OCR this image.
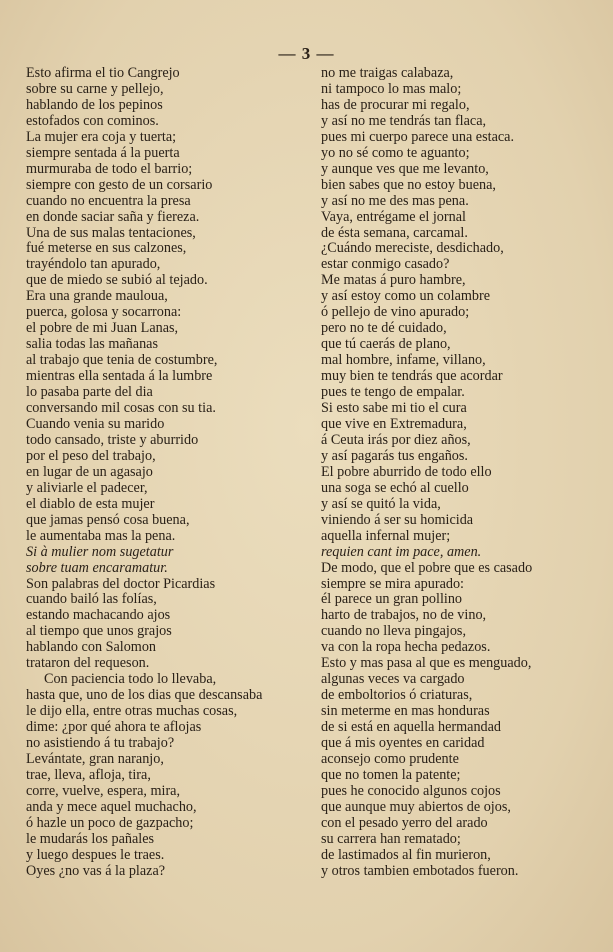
— 3 —
Esto afirma el tio Cangrejo
sobre su carne y pellejo,
hablando de los pepinos
estofados con cominos.
La mujer era coja y tuerta;
siempre sentada á la puerta
murmuraba de todo el barrio;
siempre con gesto de un corsario
cuando no encuentra la presa
en donde saciar saña y fiereza.
Una de sus malas tentaciones,
fué meterse en sus calzones,
trayéndolo tan apurado,
que de miedo se subió al tejado.
Era una grande mauloua,
puerca, golosa y socarrona:
el pobre de mi Juan Lanas,
salia todas las mañanas
al trabajo que tenia de costumbre,
mientras ella sentada á la lumbre
lo pasaba parte del dia
conversando mil cosas con su tia.
Cuando venia su marido
todo cansado, triste y aburrido
por el peso del trabajo,
en lugar de un agasajo
y aliviarle el padecer,
el diablo de esta mujer
que jamas pensó cosa buena,
le aumentaba mas la pena.
Si à mulier nom sugetatur
sobre tuam encaramatur.
Son palabras del doctor Picardias
cuando bailó las folías,
estando machacando ajos
al tiempo que unos grajos
hablando con Salomon
trataron del requeson.
Con paciencia todo lo llevaba,
hasta que, uno de los dias que descansaba
le dijo ella, entre otras muchas cosas,
dime: ¿por qué ahora te aflojas
no asistiendo á tu trabajo?
Levántate, gran naranjo,
trae, lleva, afloja, tira,
corre, vuelve, espera, mira,
anda y mece aquel muchacho,
ó hazle un poco de gazpacho;
le mudarás los pañales
y luego despues le traes.
Oyes ¿no vas á la plaza?
no me traigas calabaza,
ni tampoco lo mas malo;
has de procurar mi regalo,
y así no me tendrás tan flaca,
pues mi cuerpo parece una estaca.
yo no sé como te aguanto;
y aunque ves que me levanto,
bien sabes que no estoy buena,
y así no me des mas pena.
Vaya, entrégame el jornal
de ésta semana, carcamal.
¿Cuándo mereciste, desdichado,
estar conmigo casado?
Me matas á puro hambre,
y así estoy como un colambre
ó pellejo de vino apurado;
pero no te dé cuidado,
que tú caerás de plano,
mal hombre, infame, villano,
muy bien te tendrás que acordar
pues te tengo de empalar.
Si esto sabe mi tio el cura
que vive en Extremadura,
á Ceuta irás por diez años,
y así pagarás tus engaños.
El pobre aburrido de todo ello
una soga se echó al cuello
y así se quitó la vida,
viniendo á ser su homicida
aquella infernal mujer;
requien cant im pace, amen.
De modo, que el pobre que es casado
siempre se mira apurado:
él parece un gran pollino
harto de trabajos, no de vino,
cuando no lleva pingajos,
va con la ropa hecha pedazos.
Esto y mas pasa al que es menguado,
algunas veces va cargado
de emboltorios ó criaturas,
sin meterme en mas honduras
de si está en aquella hermandad
que á mis oyentes en caridad
aconsejo como prudente
que no tomen la patente;
pues he conocido algunos cojos
que aunque muy abiertos de ojos,
con el pesado yerro del arado
su carrera han rematado;
de lastimados al fin murieron,
y otros tambien embotados fueron.
